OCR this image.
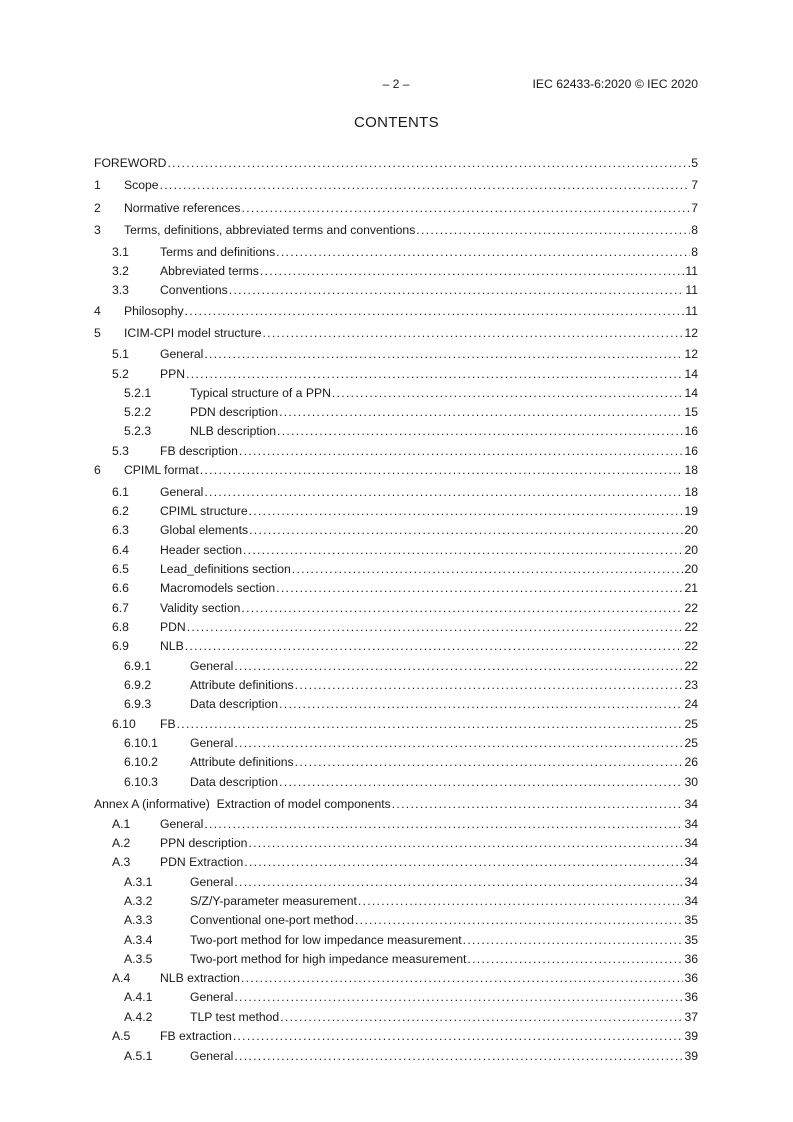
– 2 –	IEC 62433-6:2020 © IEC 2020
CONTENTS
FOREWORD .....	5
1	Scope .....	7
2	Normative references .....	7
3	Terms, definitions, abbreviated terms and conventions .....	8
3.1	Terms and definitions .....	8
3.2	Abbreviated terms .....	11
3.3	Conventions .....	11
4	Philosophy .....	11
5	ICIM-CPI model structure .....	12
5.1	General .....	12
5.2	PPN .....	14
5.2.1	Typical structure of a PPN .....	14
5.2.2	PDN description .....	15
5.2.3	NLB description .....	16
5.3	FB description .....	16
6	CPIML format .....	18
6.1	General .....	18
6.2	CPIML structure .....	19
6.3	Global elements .....	20
6.4	Header section .....	20
6.5	Lead_definitions section .....	20
6.6	Macromodels section .....	21
6.7	Validity section .....	22
6.8	PDN .....	22
6.9	NLB .....	22
6.9.1	General .....	22
6.9.2	Attribute definitions .....	23
6.9.3	Data description .....	24
6.10	FB .....	25
6.10.1	General .....	25
6.10.2	Attribute definitions .....	26
6.10.3	Data description .....	30
Annex A (informative)  Extraction of model components .....	34
A.1	General .....	34
A.2	PPN description .....	34
A.3	PDN Extraction .....	34
A.3.1	General .....	34
A.3.2	S/Z/Y-parameter measurement .....	34
A.3.3	Conventional one-port method .....	35
A.3.4	Two-port method for low impedance measurement .....	35
A.3.5	Two-port method for high impedance measurement .....	36
A.4	NLB extraction .....	36
A.4.1	General .....	36
A.4.2	TLP test method .....	37
A.5	FB extraction .....	39
A.5.1	General .....	39
